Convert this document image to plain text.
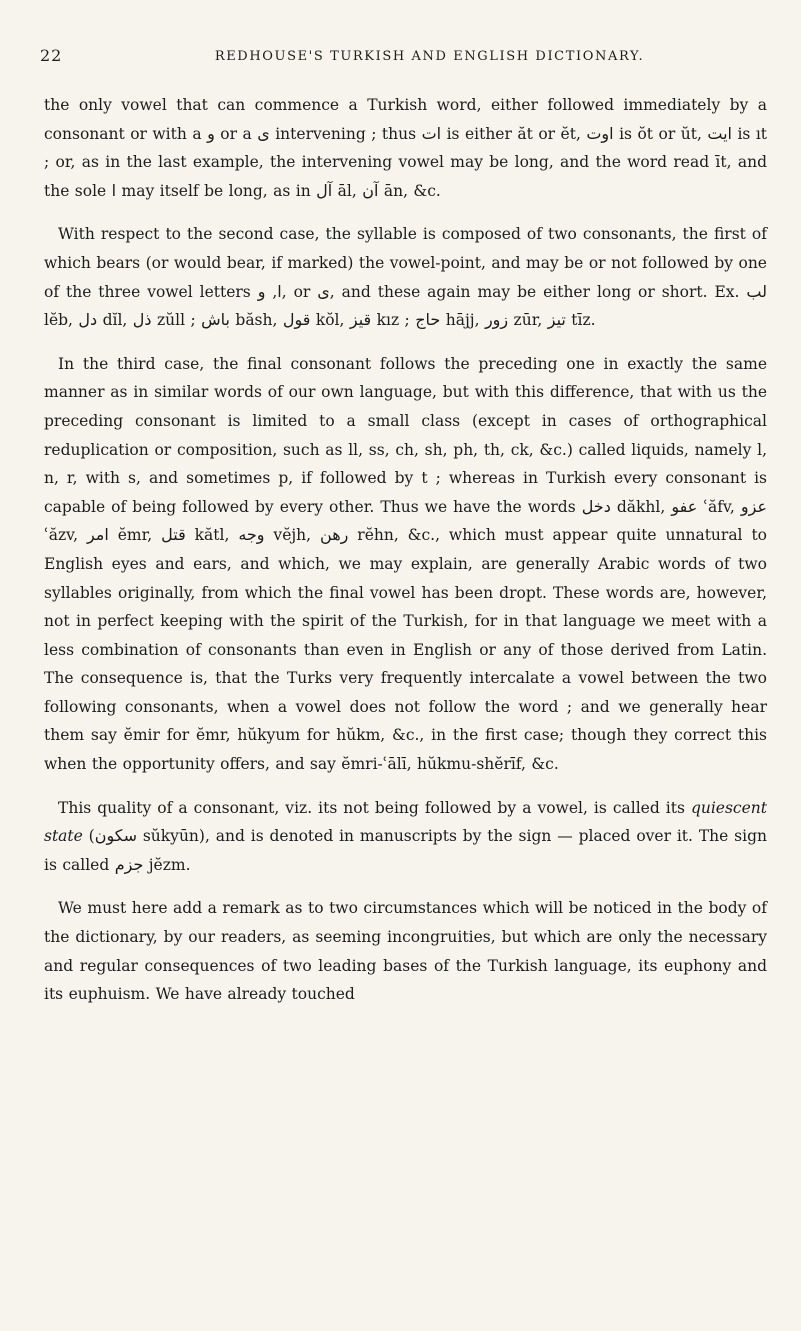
22	REDHOUSE'S TURKISH AND ENGLISH DICTIONARY.

the only vowel that can commence a Turkish word, either followed immediately by a consonant or with a و or a ى intervening ; thus ات is either ăt or ĕt, اوت is ŏt or ŭt, ايت is ıt ; or, as in the last example, the intervening vowel may be long, and the word read īt, and the sole ا may itself be long, as in آل āl, آن ān, &c.

With respect to the second case, the syllable is composed of two consonants, the first of which bears (or would bear, if marked) the vowel-point, and may be or not followed by one of the three vowel letters ا, و , or ى, and these again may be either long or short. Ex. لب lĕb, دل dĭl, ذل zŭll ; باش băsh, قول kŏl, قيز kız ; حاج hājj, زور zūr, تيز tīz.

In the third case, the final consonant follows the preceding one in exactly the same manner as in similar words of our own language, but with this difference, that with us the preceding consonant is limited to a small class (except in cases of orthographical reduplication or composition, such as ll, ss, ch, sh, ph, th, ck, &c.) called liquids, namely l, n, r, with s, and sometimes p, if followed by t ; whereas in Turkish every consonant is capable of being followed by every other. Thus we have the words دخل dăkhl, عفو ʿăfv, عزو ʿăzv, امر ĕmr, قتل kătl, وجه vĕjh, رهن rĕhn, &c., which must appear quite unnatural to English eyes and ears, and which, we may explain, are generally Arabic words of two syllables originally, from which the final vowel has been dropt. These words are, however, not in perfect keeping with the spirit of the Turkish, for in that language we meet with a less combination of consonants than even in English or any of those derived from Latin. The consequence is, that the Turks very frequently intercalate a vowel between the two following consonants, when a vowel does not follow the word ; and we generally hear them say ĕmir for ĕmr, hŭkyum for hŭkm, &c., in the first case; though they correct this when the opportunity offers, and say ĕmri-ʿālī, hŭkmu-shĕrīf, &c.

This quality of a consonant, viz. its not being followed by a vowel, is called its quiescent state (سكون sŭkyūn), and is denoted in manuscripts by the sign — placed over it. The sign is called جزم jĕzm.

We must here add a remark as to two circumstances which will be noticed in the body of the dictionary, by our readers, as seeming incongruities, but which are only the necessary and regular consequences of two leading bases of the Turkish language, its euphony and its euphuism. We have already touched
